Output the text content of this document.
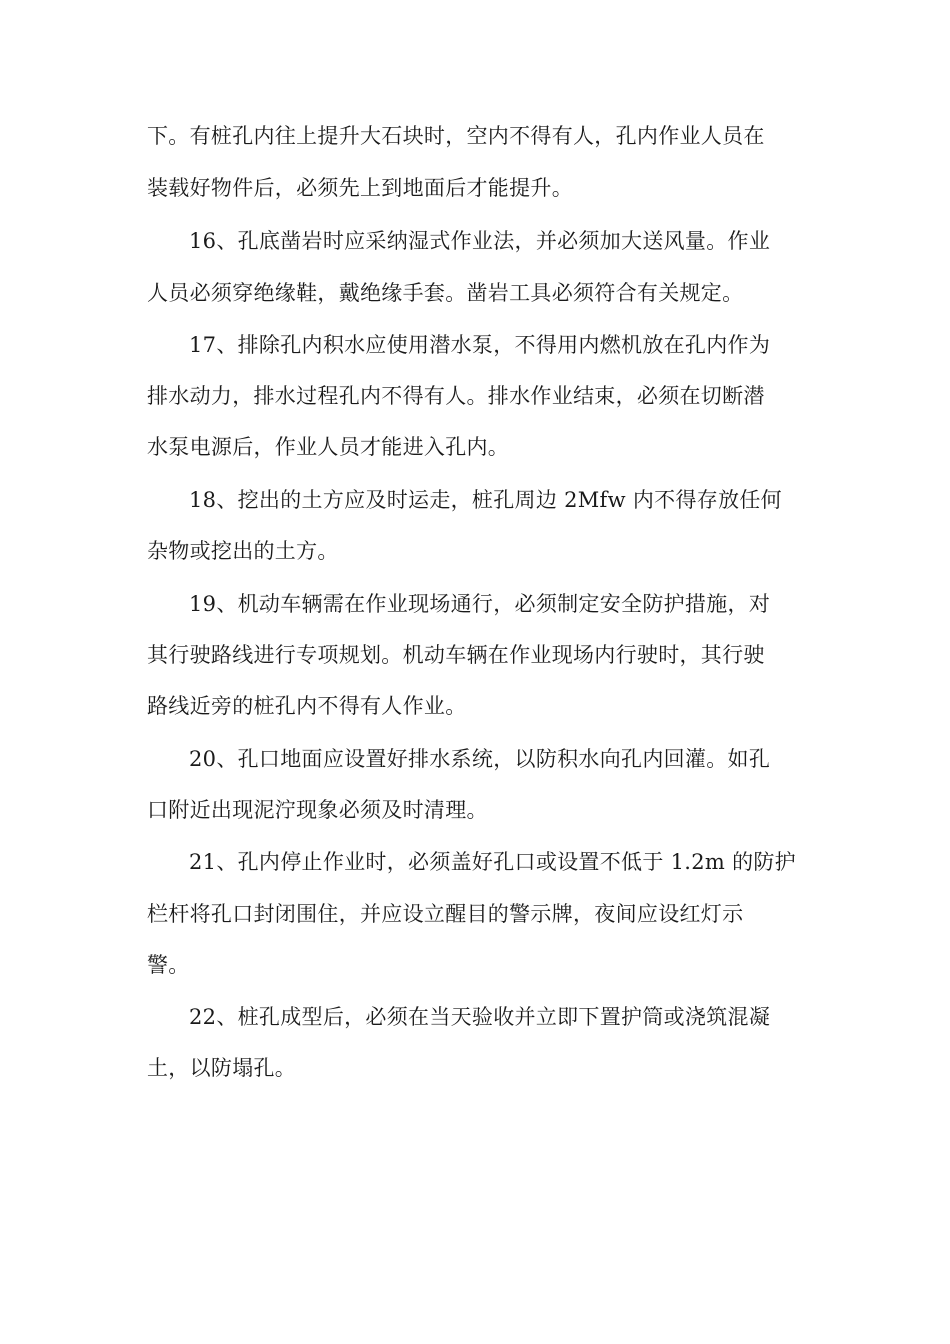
下。有桩孔内往上提升大石块时，空内不得有人，孔内作业人员在
装载好物件后，必须先上到地面后才能提升。
16、孔底凿岩时应采纳湿式作业法，并必须加大送风量。作业
人员必须穿绝缘鞋，戴绝缘手套。凿岩工具必须符合有关规定。
17、排除孔内积水应使用潜水泵，不得用内燃机放在孔内作为
排水动力，排水过程孔内不得有人。排水作业结束，必须在切断潜
水泵电源后，作业人员才能进入孔内。
18、挖出的土方应及时运走，桩孔周边 2Mfw 内不得存放任何
杂物或挖出的土方。
19、机动车辆需在作业现场通行，必须制定安全防护措施，对
其行驶路线进行专项规划。机动车辆在作业现场内行驶时，其行驶
路线近旁的桩孔内不得有人作业。
20、孔口地面应设置好排水系统，以防积水向孔内回灌。如孔
口附近出现泥泞现象必须及时清理。
21、孔内停止作业时，必须盖好孔口或设置不低于 1.2m 的防护
栏杆将孔口封闭围住，并应设立醒目的警示牌，夜间应设红灯示
警。
22、桩孔成型后，必须在当天验收并立即下置护筒或浇筑混凝
土，以防塌孔。
